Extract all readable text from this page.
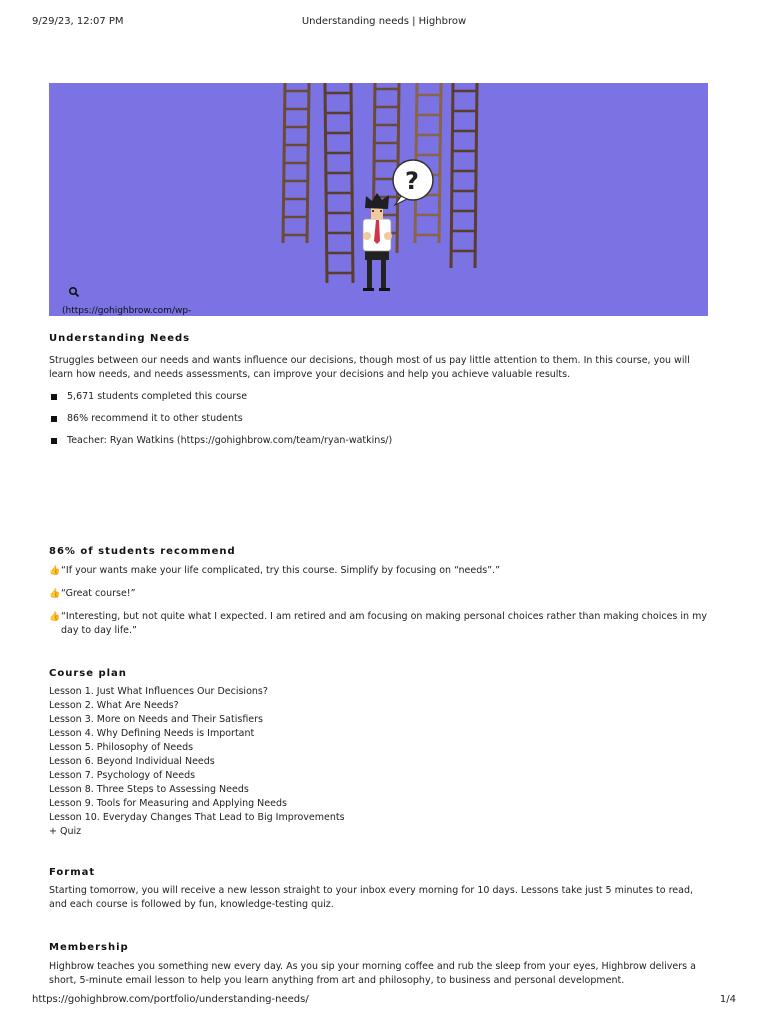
9/29/23, 12:07 PM	Understanding needs | Highbrow
?
(https://gohighbrow.com/wp-
Understanding Needs

Struggles between our needs and wants influence our decisions, though most of us pay little attention to them. In this course, you will learn how needs, and needs assessments, can improve your decisions and help you achieve valuable results.

5,671 students completed this course
86% recommend it to other students
Teacher: Ryan Watkins (https://gohighbrow.com/team/ryan-watkins/)
86% of students recommend

👍 “If your wants make your life complicated, try this course. Simplify by focusing on “needs”.”

👍 “Great course!”

👍 “Interesting, but not quite what I expected. I am retired and am focusing on making personal choices rather than making choices in my day to day life.”

Course plan
Lesson 1. Just What Influences Our Decisions?
Lesson 2. What Are Needs?
Lesson 3. More on Needs and Their Satisfiers
Lesson 4. Why Defining Needs is Important
Lesson 5. Philosophy of Needs
Lesson 6. Beyond Individual Needs
Lesson 7. Psychology of Needs
Lesson 8. Three Steps to Assessing Needs
Lesson 9. Tools for Measuring and Applying Needs
Lesson 10. Everyday Changes That Lead to Big Improvements
+ Quiz
Format

Starting tomorrow, you will receive a new lesson straight to your inbox every morning for 10 days. Lessons take just 5 minutes to read, and each course is followed by fun, knowledge-testing quiz.

Membership

Highbrow teaches you something new every day. As you sip your morning coffee and rub the sleep from your eyes, Highbrow delivers a short, 5-minute email lesson to help you learn anything from art and philosophy, to business and personal development.

https://gohighbrow.com/portfolio/understanding-needs/	1/4
